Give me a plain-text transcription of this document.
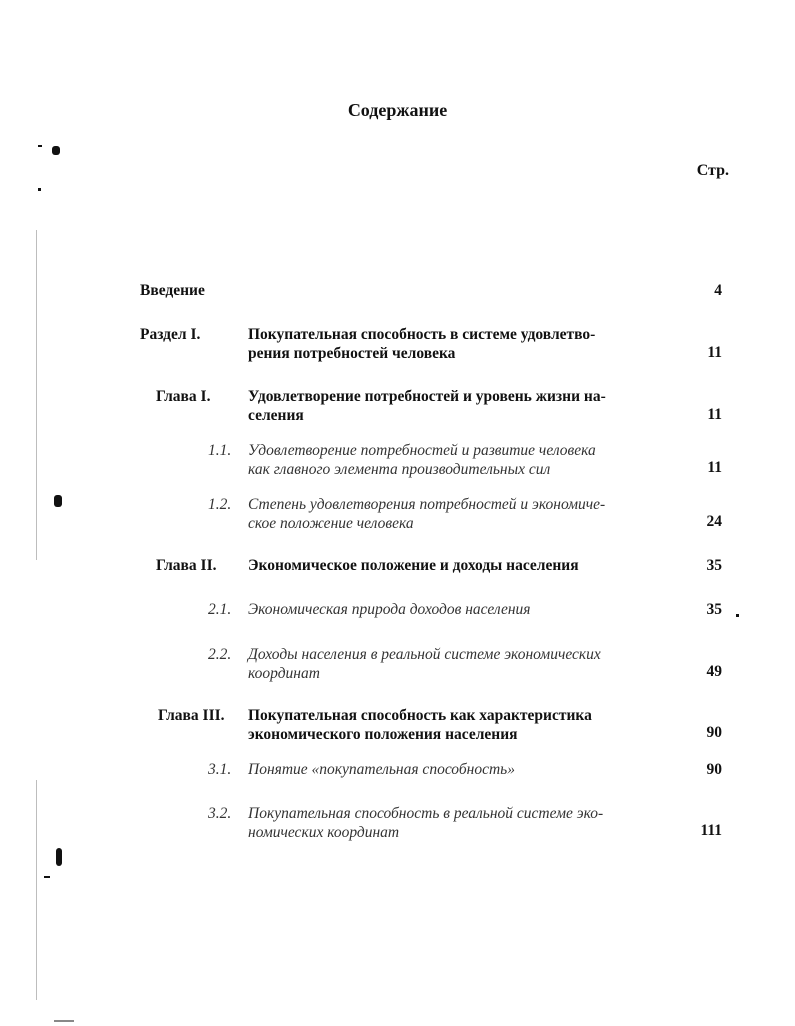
Содержание
Стр.
Введение	4
Раздел I.	Покупательная способность в системе удовлетво-
рения потребностей человека	11
Глава I. Удовлетворение потребностей и уровень жизни на-
селения	11
1.1. Удовлетворение потребностей и развитие человека
как главного элемента производительных сил	11
1.2. Степень удовлетворения потребностей и экономиче-
ское положение человека	24
Глава II. Экономическое положение и доходы населения	35
2.1. Экономическая природа доходов населения	35
2.2. Доходы населения в реальной системе экономических
координат	49
Глава III. Покупательная способность как характеристика
экономического положения населения	90
3.1. Понятие «покупательная способность»	90
3.2. Покупательная способность в реальной системе эко-
номических координат	111
